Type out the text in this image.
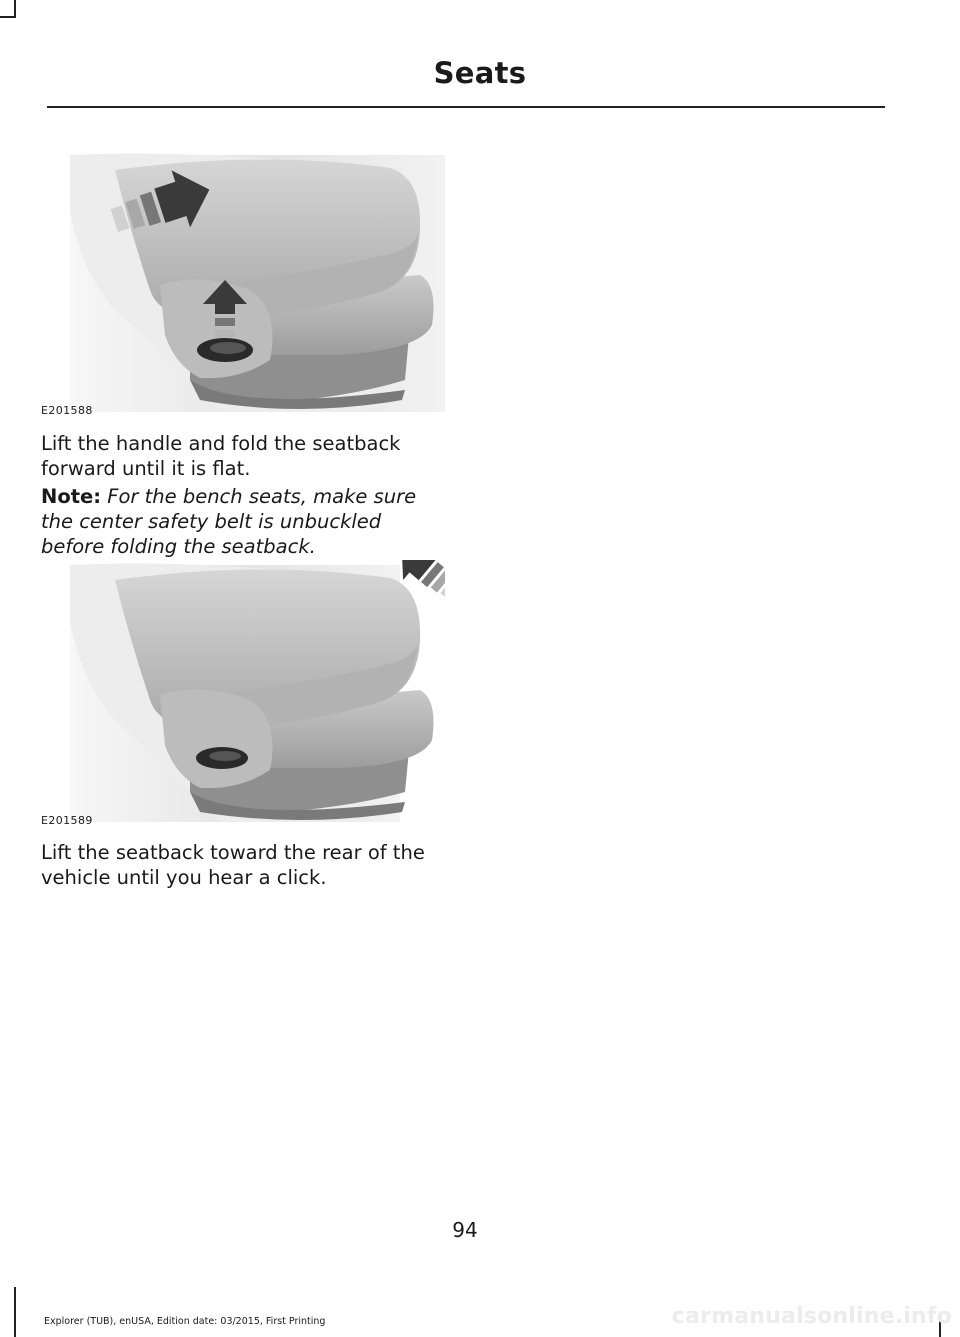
Seats
E201588

Lift the handle and fold the seatback forward until it is flat.

Note: For the bench seats, make sure the center safety belt is unbuckled before folding the seatback.

E201589

Lift the seatback toward the rear of the vehicle until you hear a click.

94
Explorer (TUB), enUSA, Edition date: 03/2015, First Printing	carmanualsonline.info
